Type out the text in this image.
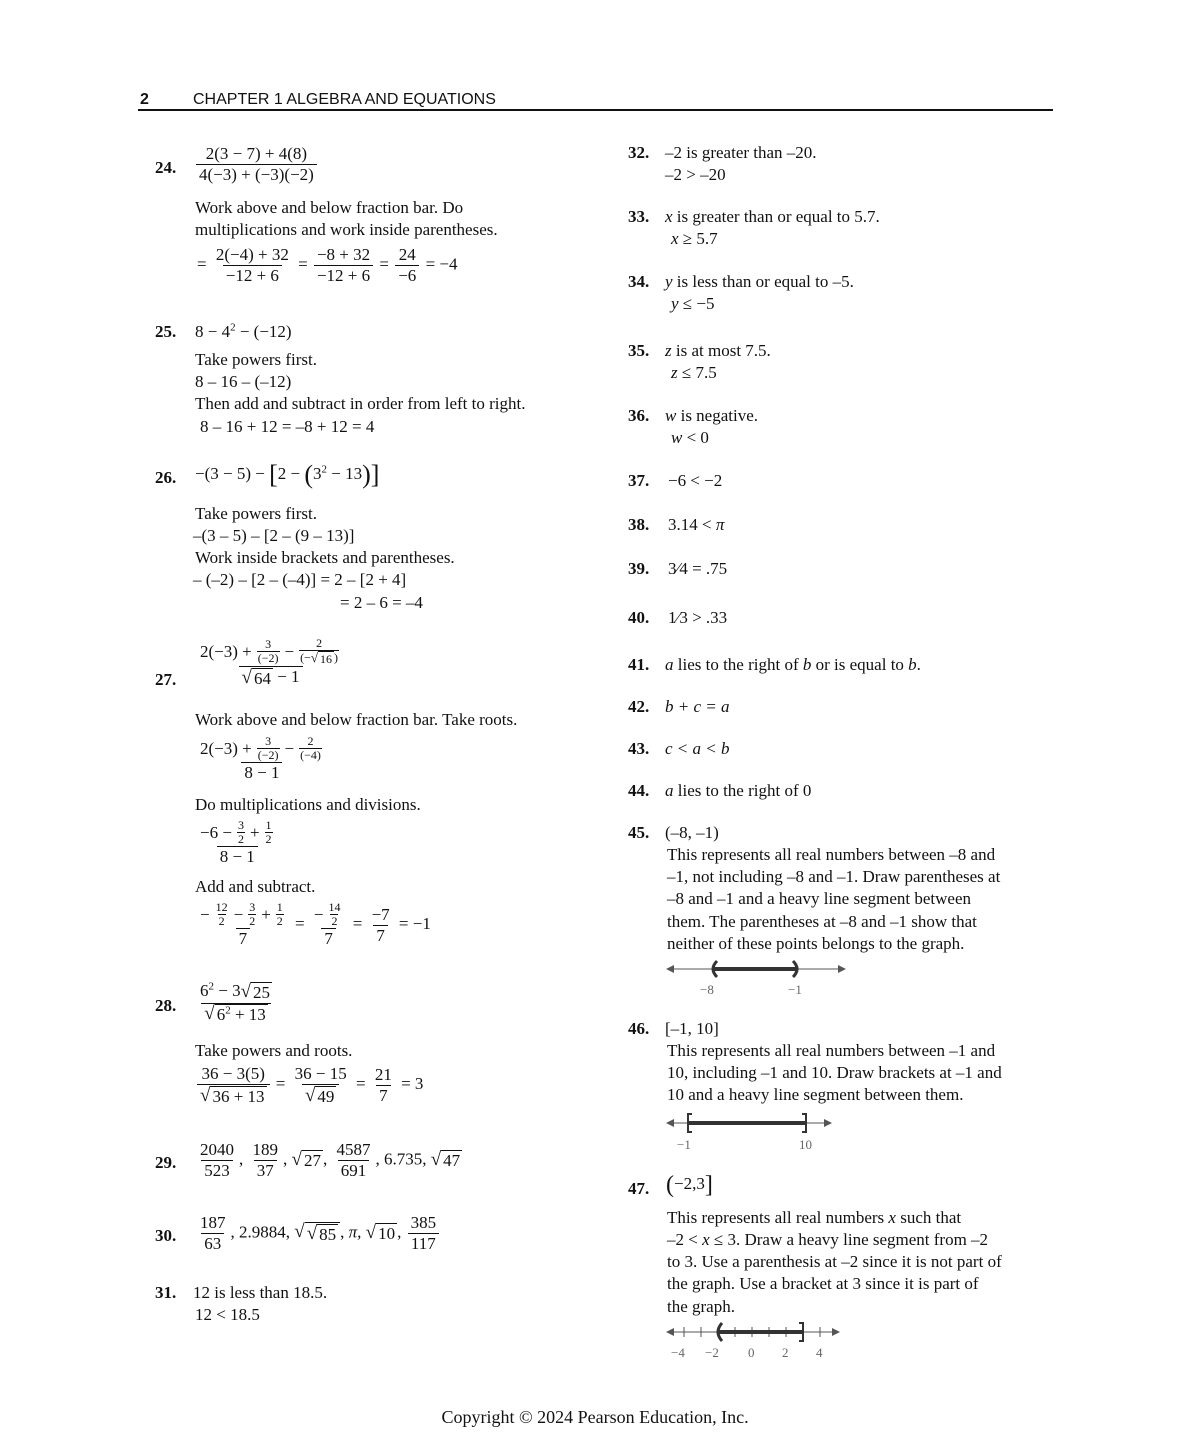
2	CHAPTER 1 ALGEBRA AND EQUATIONS
24. $\frac{2(3 - 7) + 4(8)}{4(-3) + (-3)(-2)}$
Work above and below fraction bar. Do
multiplications and work inside parentheses.
= $\frac{2(-4) + 32}{-12 + 6} = \frac{-8 + 32}{-12 + 6} = \frac{24}{-6} = -4$
25. $8 - 4^2 - (-12)$
Take powers first.
8 – 16 – (–12)
Then add and subtract in order from left to right.
8 – 16 + 12 = –8 + 12 = 4
26. $-(3 - 5) - [2 - (3^2 - 13)]$
Take powers first.
–(3 – 5) – [2 – (9 – 13)]
Work inside brackets and parentheses.
– (–2) – [2 – (–4)] = 2 – [2 + 4]
= 2 – 6 = –4
27. $\frac{2(-3) + \frac{3}{(-2)} - \frac{2}{(- √ 16 )}}{√ 64 - 1}$
Work above and below fraction bar. Take roots.
$\frac{2(-3) + \frac{3}{(-2)} - \frac{2}{(-4)}}{8 - 1}$
Do multiplications and divisions.
$\frac{-6 - \frac{3}{2} + \frac{1}{2}}{8 - 1}$
Add and subtract.
$\frac{- \frac{12}{2} - \frac{3}{2} + \frac{1}{2}}{7} = \frac{- \frac{14}{2}}{7} = \frac{-7}{7} = -1$
28. $\frac{6^2 - 3 √ 25}{√ 6^2 + 13}$
Take powers and roots.
$\frac{36 - 3(5)}{√ 36 + 13} = \frac{36 - 15}{√ 49} = \frac{21}{7} = 3$
29. $\frac{2040}{523}$ , $\frac{189}{37}$ , √ 27 , $\frac{4587}{691}$ , 6.735, √ 47
30. $\frac{187}{63}$ , 2.9884, √ √ 85 , π, √ 10 , $\frac{385}{117}$
31. 12 is less than 18.5.
12 < 18.5
32. –2 is greater than –20.
–2 > –20
33. x is greater than or equal to 5.7.
x ≥ 5.7
34. y is less than or equal to –5.
y ≤ −5
35. z is at most 7.5.
z ≤ 7.5
36. w is negative.
w < 0
37. −6 < −2
38. 3.14 < π
39. 3⁄4 = .75
40. 1⁄3 > .33
41. a lies to the right of b or is equal to b.
42. b + c = a
43. c < a < b
44. a lies to the right of 0
45. (–8, –1)
This represents all real numbers between –8 and
–1, not including –8 and –1. Draw parentheses at
–8 and –1 and a heavy line segment between
them. The parentheses at –8 and –1 show that
neither of these points belongs to the graph.
−8	−1
46. [–1, 10]
This represents all real numbers between –1 and
10, including –1 and 10. Draw brackets at –1 and
10 and a heavy line segment between them.
−1	10
47. (−2,3]
This represents all real numbers x such that
–2 < x ≤ 3. Draw a heavy line segment from –2
to 3. Use a parenthesis at –2 since it is not part of
the graph. Use a bracket at 3 since it is part of
the graph.
−4 −2 0 2 4
Copyright © 2024 Pearson Education, Inc.
